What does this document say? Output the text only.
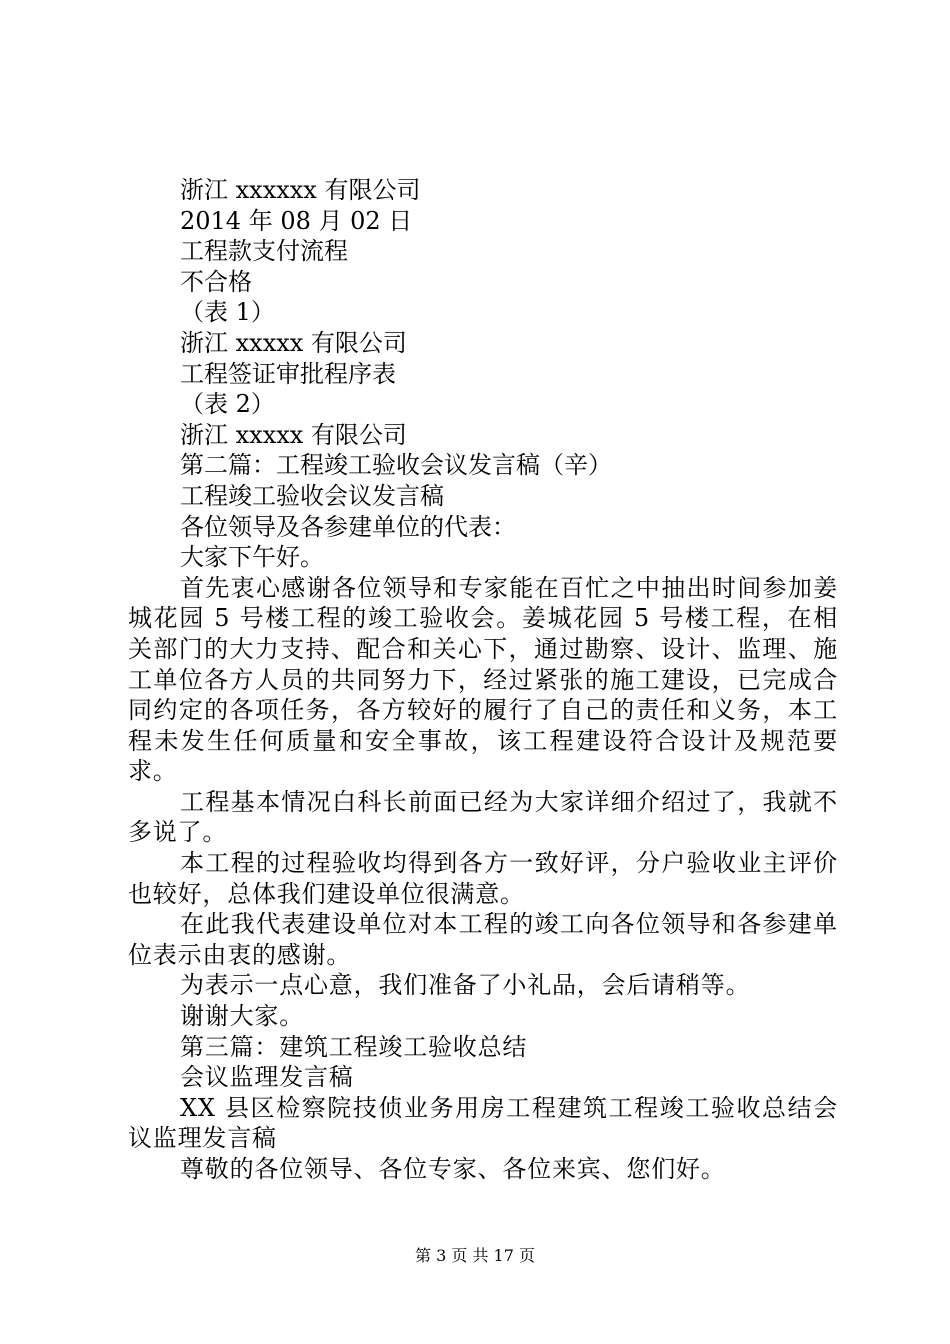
浙江 xxxxxx 有限公司

2014 年 08 月 02 日

工程款支付流程

不合格

（表 1）

浙江 xxxxx 有限公司

工程签证审批程序表

（表 2）

浙江 xxxxx 有限公司

第二篇：工程竣工验收会议发言稿（辛）

工程竣工验收会议发言稿

各位领导及各参建单位的代表：

大家下午好。

首先衷心感谢各位领导和专家能在百忙之中抽出时间参加姜城花园 5 号楼工程的竣工验收会。姜城花园 5 号楼工程，在相关部门的大力支持、配合和关心下，通过勘察、设计、监理、施工单位各方人员的共同努力下，经过紧张的施工建设，已完成合同约定的各项任务，各方较好的履行了自己的责任和义务，本工程未发生任何质量和安全事故，该工程建设符合设计及规范要求。

工程基本情况白科长前面已经为大家详细介绍过了，我就不多说了。

本工程的过程验收均得到各方一致好评，分户验收业主评价也较好，总体我们建设单位很满意。

在此我代表建设单位对本工程的竣工向各位领导和各参建单位表示由衷的感谢。

为表示一点心意，我们准备了小礼品，会后请稍等。

谢谢大家。

第三篇：建筑工程竣工验收总结

会议监理发言稿

XX 县区检察院技侦业务用房工程建筑工程竣工验收总结会议监理发言稿

尊敬的各位领导、各位专家、各位来宾、您们好。

第 3 页 共 17 页
